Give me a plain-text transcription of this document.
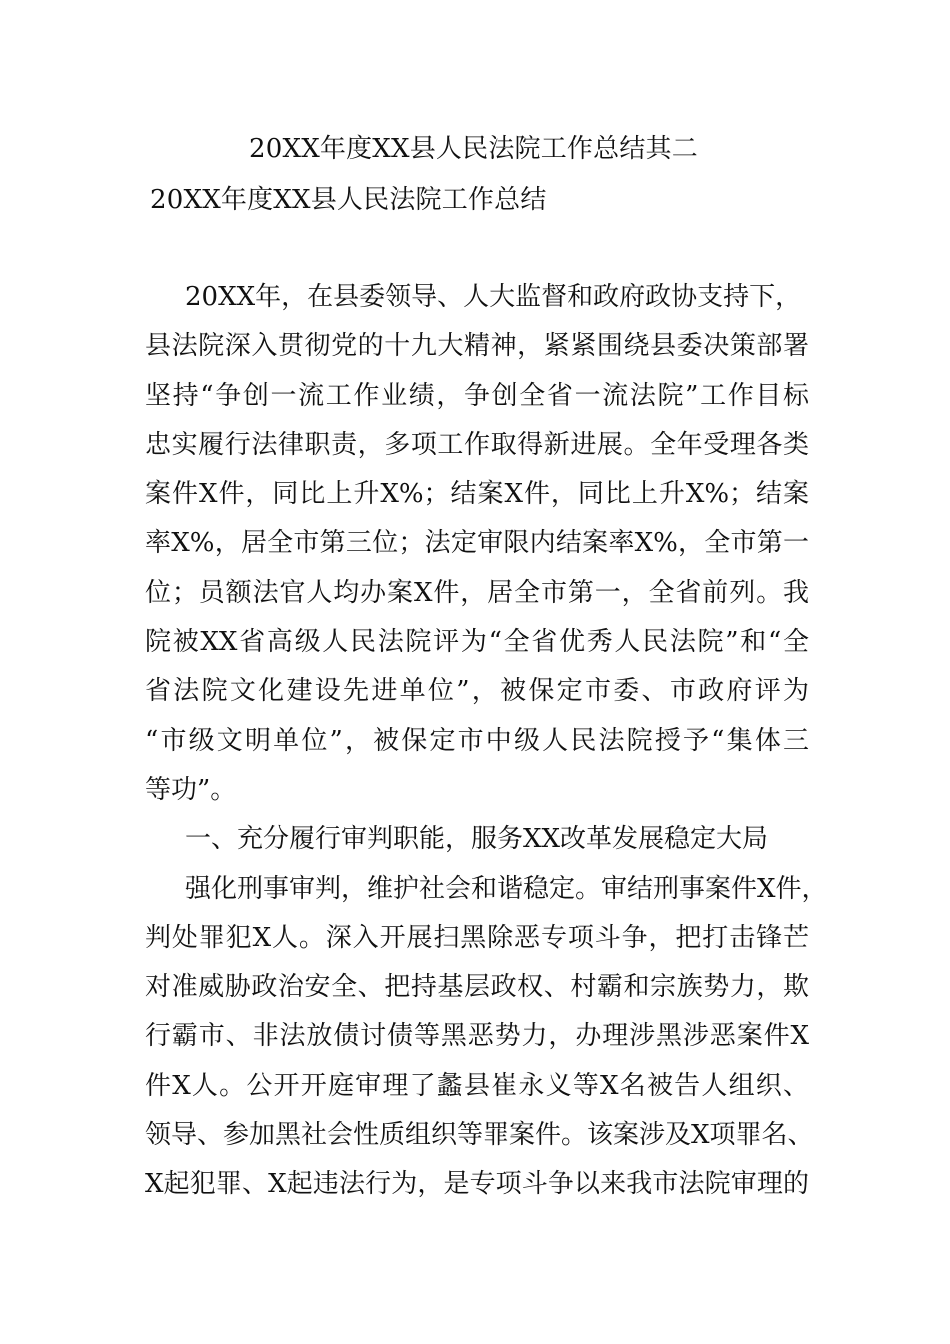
20XX年度XX县人民法院工作总结其二
20XX年度XX县人民法院工作总结
20XX年，在县委领导、人大监督和政府政协支持下，
县法院深入贯彻党的十九大精神，紧紧围绕县委决策部署
坚持“争创一流工作业绩，争创全省一流法院”工作目标
忠实履行法律职责，多项工作取得新进展。全年受理各类
案件X件，同比上升X%；结案X件，同比上升X%；结案
率X%，居全市第三位；法定审限内结案率X%，全市第一
位；员额法官人均办案X件，居全市第一，全省前列。我
院被XX省高级人民法院评为“全省优秀人民法院”和“全
省法院文化建设先进单位”，被保定市委、市政府评为
“市级文明单位”，被保定市中级人民法院授予“集体三
等功”。
一、充分履行审判职能，服务XX改革发展稳定大局
强化刑事审判，维护社会和谐稳定。审结刑事案件X件，
判处罪犯X人。深入开展扫黑除恶专项斗争，把打击锋芒
对准威胁政治安全、把持基层政权、村霸和宗族势力，欺
行霸市、非法放债讨债等黑恶势力，办理涉黑涉恶案件X
件X人。公开开庭审理了蠡县崔永义等X名被告人组织、
领导、参加黑社会性质组织等罪案件。该案涉及X项罪名、
X起犯罪、X起违法行为，是专项斗争以来我市法院审理的
